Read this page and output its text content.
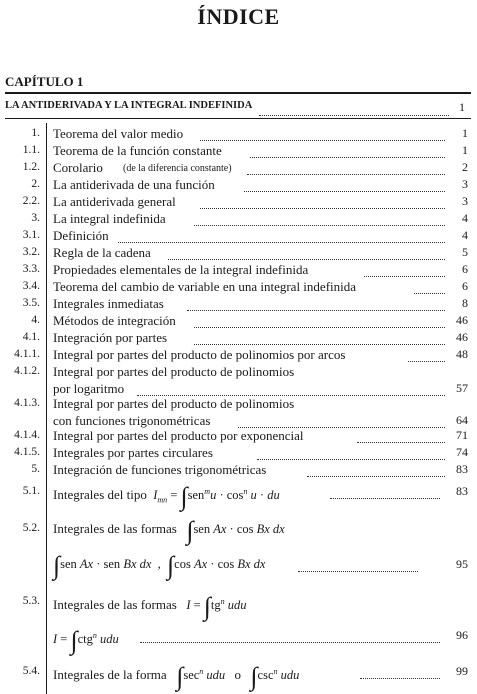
ÍNDICE
CAPÍTULO 1
LA ANTIDERIVADA Y LA INTEGRAL INDEFINIDA	1
1. Teorema del valor medio	1
1.1. Teorema de la función constante	1
1.2. Corolario (de la diferencia constante)	2
2. La antiderivada de una función	3
2.2. La antiderivada general	3
3. La integral indefinida	4
3.1. Definición	4
3.2. Regla de la cadena	5
3.3. Propiedades elementales de la integral indefinida	6
3.4. Teorema del cambio de variable en una integral indefinida	6
3.5. Integrales inmediatas	8
4. Métodos de integración	46
4.1. Integración por partes	46
4.1.1. Integral por partes del producto de polinomios por arcos	48
4.1.2. Integral por partes del producto de polinomios
por logaritmo	57
4.1.3. Integral por partes del producto de polinomios
con funciones trigonométricas	64
4.1.4. Integral por partes del producto por exponencial	71
4.1.5. Integrales por partes circulares	74
5. Integración de funciones trigonométricas	83
5.1. Integrales del tipo $I_{mn} = \int sen^mu \cdot \cos^n u$ · du	83
5.2. Integrales de las formas ∫sen Ax · cos Bx dx
∫sen Ax · sen Bx dx  ,  ∫cos Ax · cos Bx dx	95
5.3. Integrales de las formas $I = \int tg^n$ udu
I = ∫ctg$^n$ udu	96
5.4. Integrales de la forma $\int\sec^n$ udu o $\int\csc^n$ udu	99
